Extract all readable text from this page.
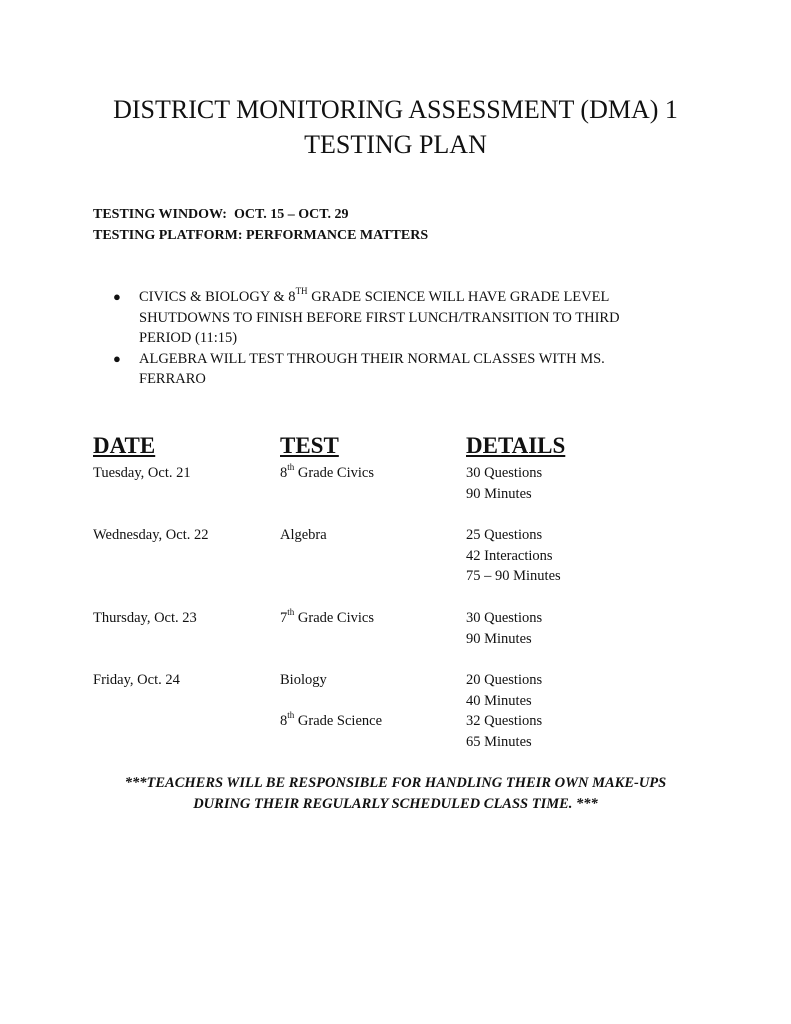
DISTRICT MONITORING ASSESSMENT (DMA) 1
TESTING PLAN
TESTING WINDOW:  OCT. 15 – OCT. 29
TESTING PLATFORM: PERFORMANCE MATTERS
● CIVICS & BIOLOGY & 8TH GRADE SCIENCE WILL HAVE GRADE LEVEL
SHUTDOWNS TO FINISH BEFORE FIRST LUNCH/TRANSITION TO THIRD
PERIOD (11:15)
● ALGEBRA WILL TEST THROUGH THEIR NORMAL CLASSES WITH MS.
FERRARO
DATE	TEST	DETAILS
Tuesday, Oct. 21	8th Grade Civics	30 Questions
90 Minutes
Wednesday, Oct. 22	Algebra	25 Questions
42 Interactions
75 – 90 Minutes
Thursday, Oct. 23	7th Grade Civics	30 Questions
90 Minutes
Friday, Oct. 24	Biology	20 Questions
40 Minutes
8th Grade Science	32 Questions
65 Minutes
***TEACHERS WILL BE RESPONSIBLE FOR HANDLING THEIR OWN MAKE-UPS
DURING THEIR REGULARLY SCHEDULED CLASS TIME. ***
